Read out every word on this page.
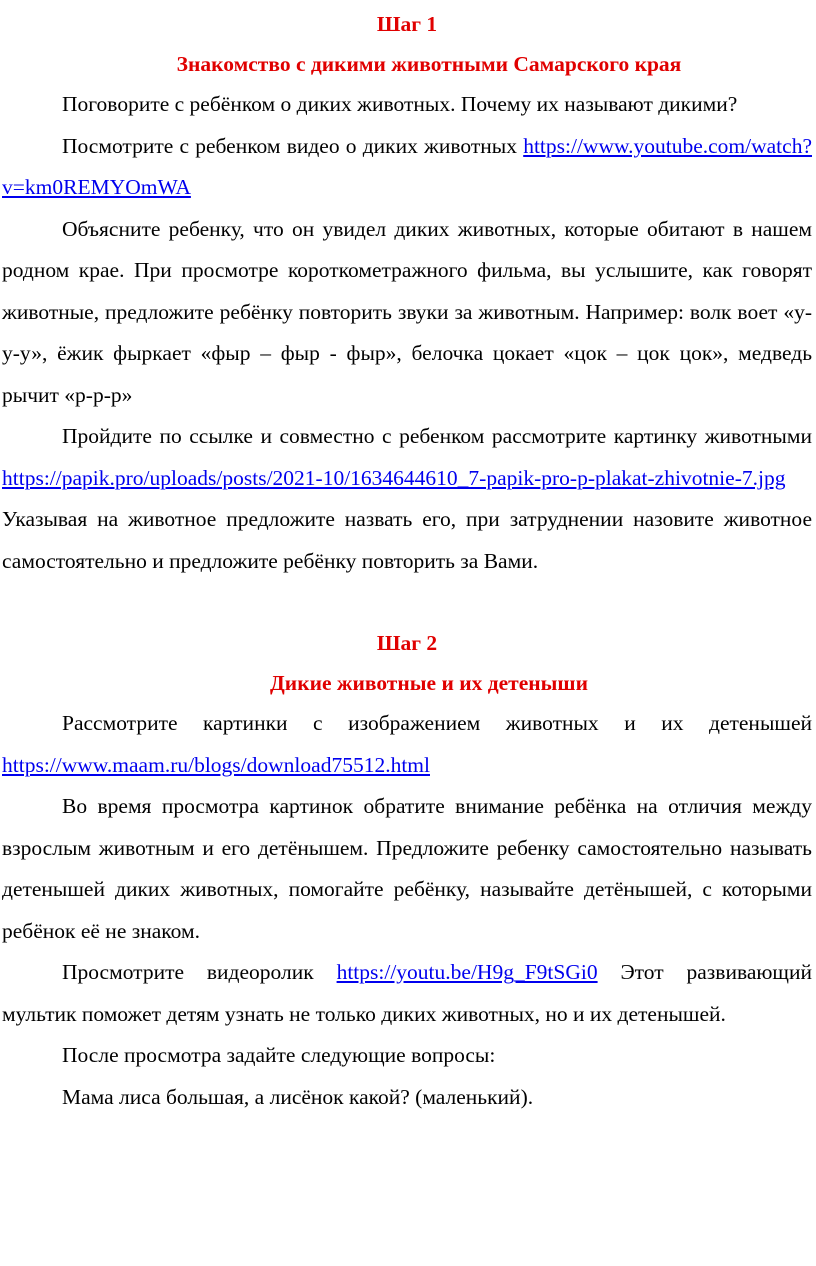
Шаг 1

Знакомство с дикими животными Самарского края

Поговорите с ребёнком о диких животных. Почему их называют дикими?

Посмотрите с ребенком видео о диких животных https://www.youtube.com/watch?v=km0REMYOmWA

Объясните ребенку, что он увидел диких животных, которые обитают в нашем родном крае. При просмотре короткометражного фильма, вы услышите, как говорят животные, предложите ребёнку повторить звуки за животным. Например: волк воет «у-у-у», ёжик фыркает «фыр – фыр - фыр», белочка цокает «цок – цок цок», медведь рычит «р-р-р»

Пройдите по ссылке и совместно с ребенком рассмотрите картинку животными https://papik.pro/uploads/posts/2021-10/1634644610_7-papik-pro-p-plakat-zhivotnie-7.jpg Указывая на животное предложите назвать его, при затруднении назовите животное самостоятельно и предложите ребёнку повторить за Вами.

Шаг 2

Дикие животные и их детеныши

Рассмотрите картинки с изображением животных и их детенышей https://www.maam.ru/blogs/download75512.html

Во время просмотра картинок обратите внимание ребёнка на отличия между взрослым животным и его детёнышем. Предложите ребенку самостоятельно называть детенышей диких животных, помогайте ребёнку, называйте детёнышей, с которыми ребёнок её не знаком.

Просмотрите видеоролик https://youtu.be/H9g_F9tSGi0 Этот развивающий мультик поможет детям узнать не только диких животных, но и их детенышей.

После просмотра задайте следующие вопросы:

Мама лиса большая, а лисёнок какой? (маленький).
